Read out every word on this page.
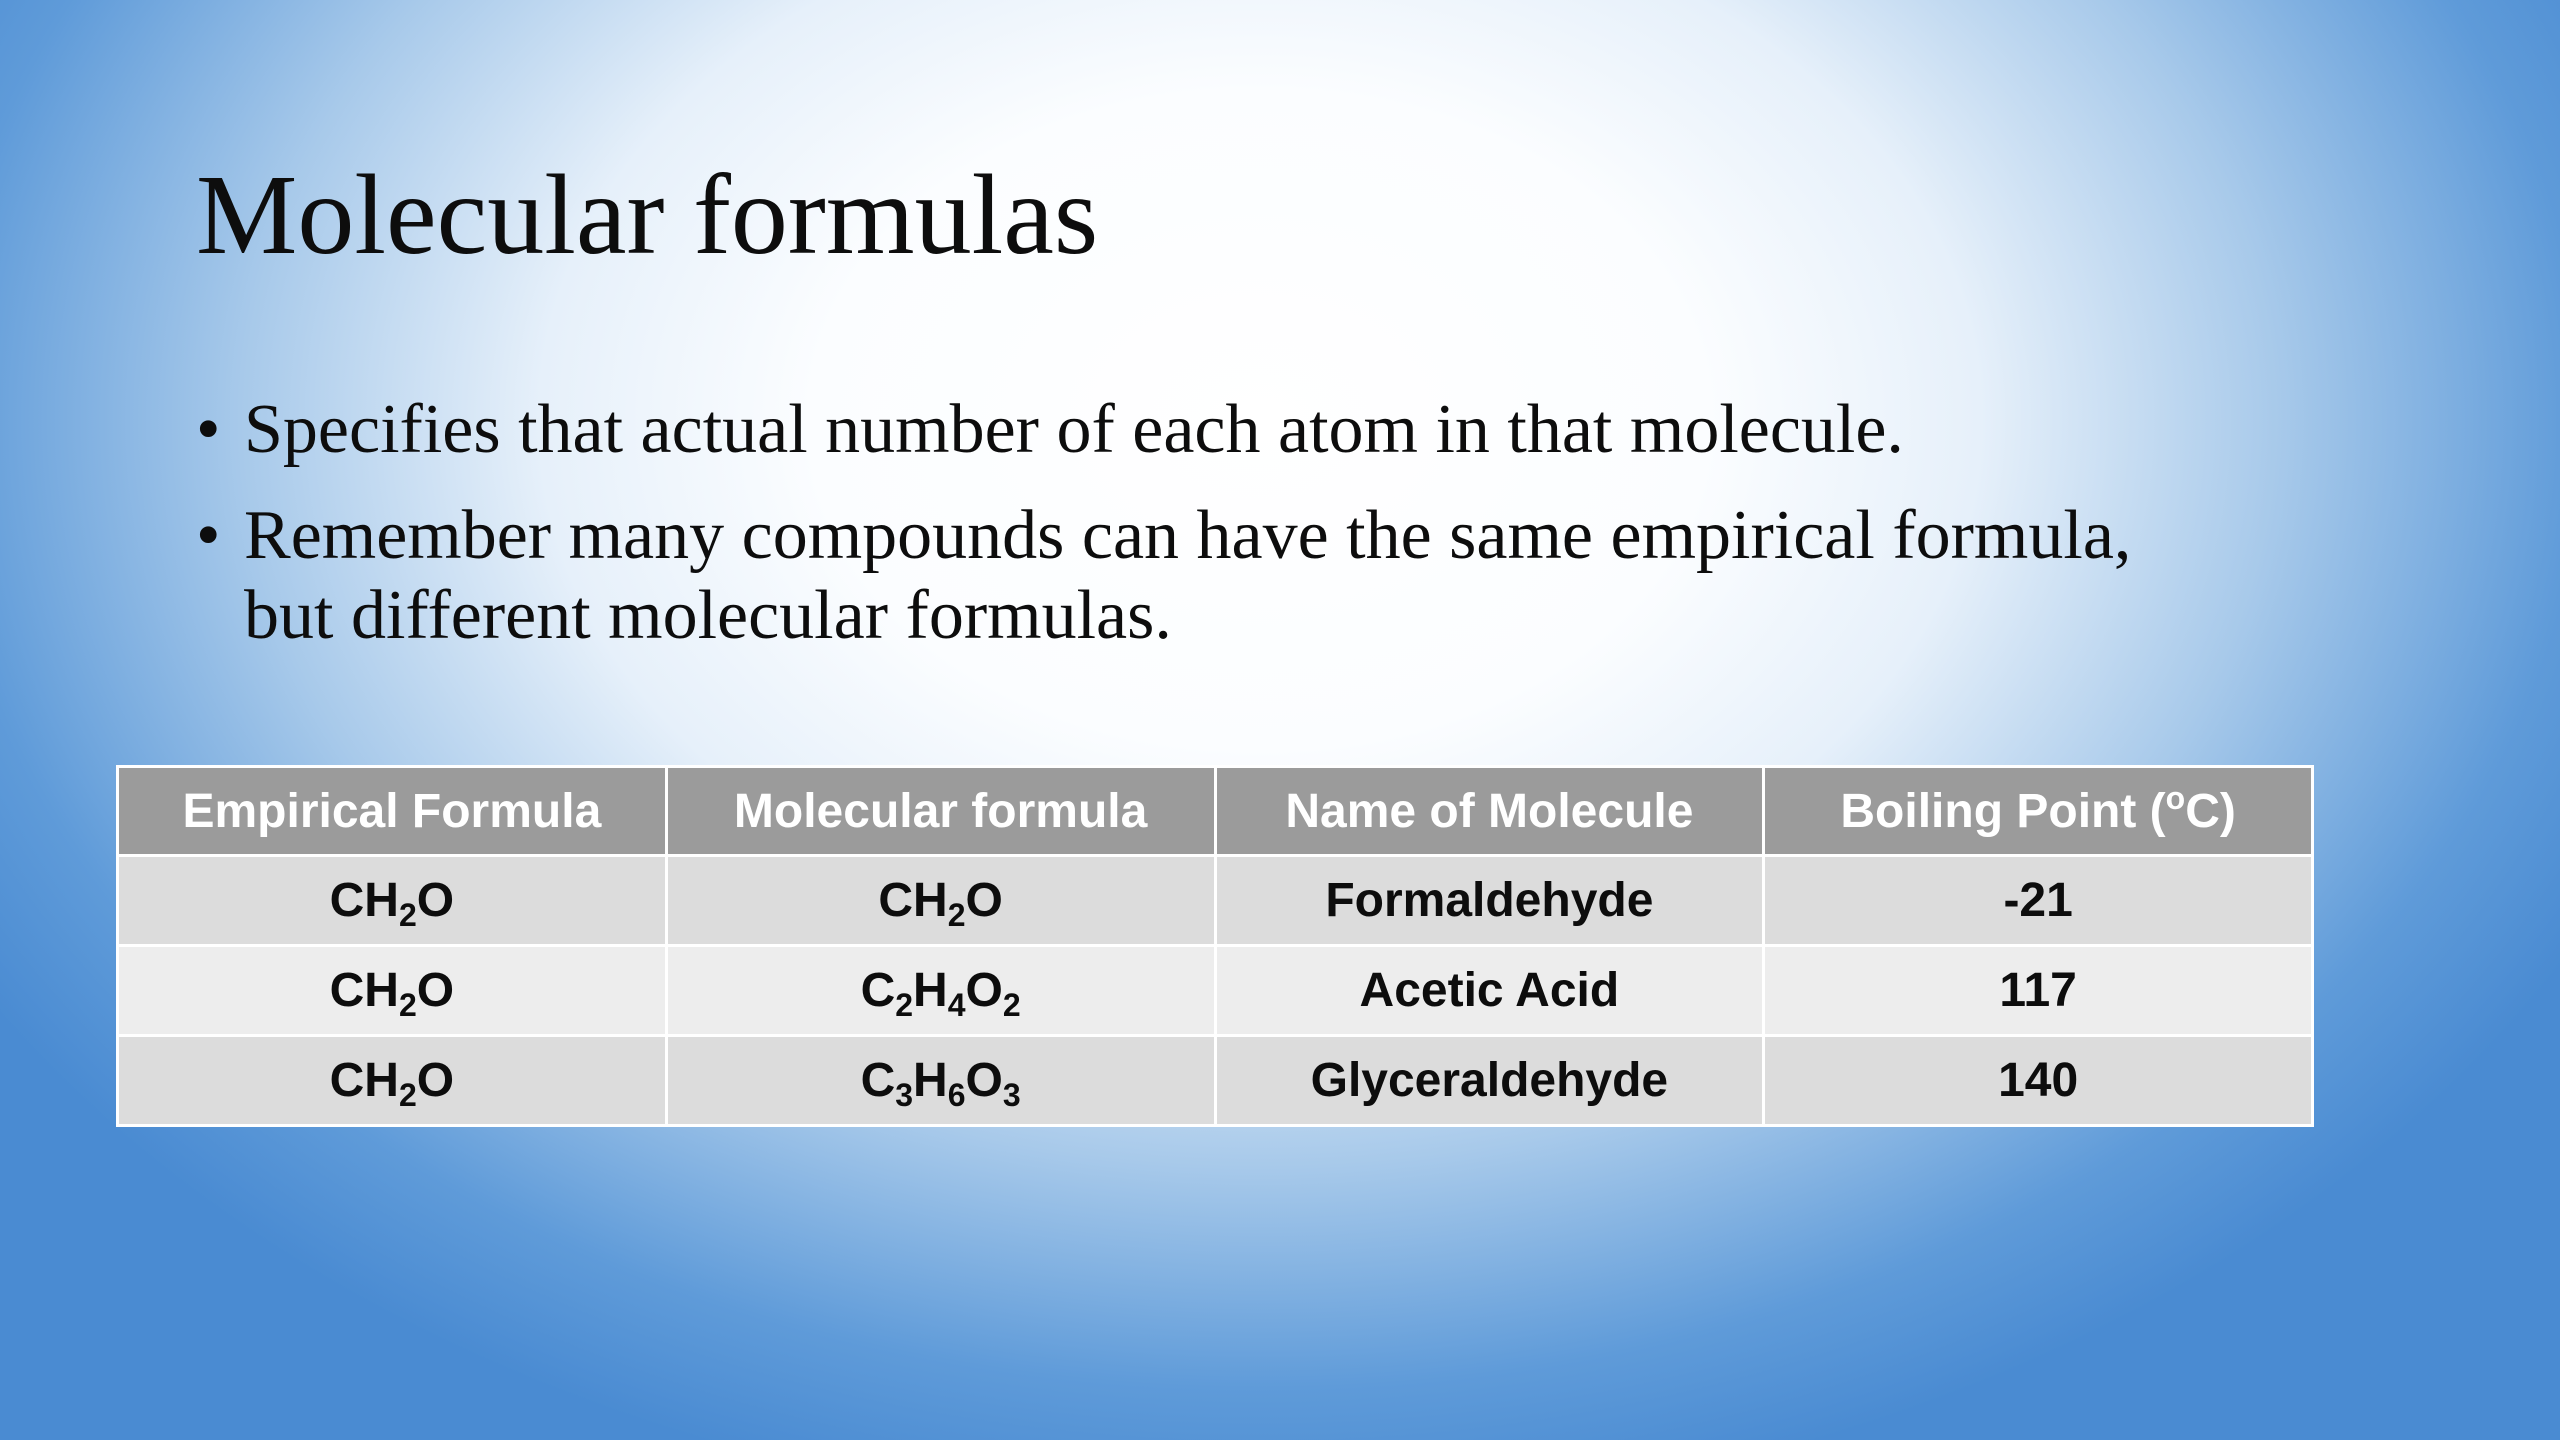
Molecular formulas
• Specifies that actual number of each atom in that molecule.
• Remember many compounds can have the same empirical formula,
but different molecular formulas.
Empirical Formula	Molecular formula	Name of Molecule	Boiling Point ($^o$C)
$CH_2O$	$CH_2O$	Formaldehyde	-21
$CH_2O$	$C_2H_4O_2$	Acetic Acid	117
$CH_2O$	$C_3H_6O_3$	Glyceraldehyde	140
